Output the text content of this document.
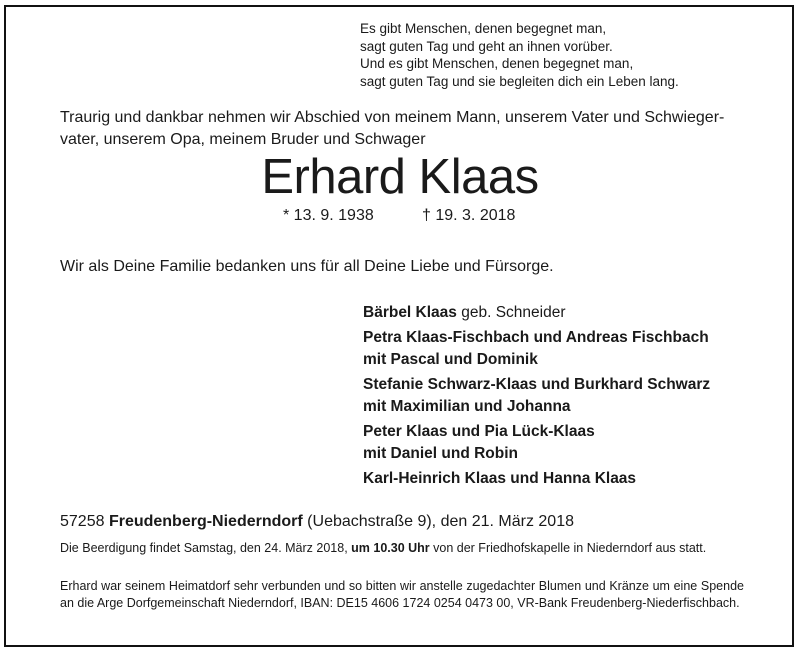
Es gibt Menschen, denen begegnet man,
sagt guten Tag und geht an ihnen vorüber.
Und es gibt Menschen, denen begegnet man,
sagt guten Tag und sie begleiten dich ein Leben lang.
Traurig und dankbar nehmen wir Abschied von meinem Mann, unserem Vater und Schwieger-
vater, unserem Opa, meinem Bruder und Schwager
Erhard Klaas
* 13. 9. 1938	† 19. 3. 2018
Wir als Deine Familie bedanken uns für all Deine Liebe und Fürsorge.
Bärbel Klaas geb. Schneider
Petra Klaas-Fischbach und Andreas Fischbach
mit Pascal und Dominik
Stefanie Schwarz-Klaas und Burkhard Schwarz
mit Maximilian und Johanna
Peter Klaas und Pia Lück-Klaas
mit Daniel und Robin
Karl-Heinrich Klaas und Hanna Klaas
57258 Freudenberg-Niederndorf (Uebachstraße 9), den 21. März 2018
Die Beerdigung findet Samstag, den 24. März 2018, um 10.30 Uhr von der Friedhofskapelle in Niederndorf aus statt.
Erhard war seinem Heimatdorf sehr verbunden und so bitten wir anstelle zugedachter Blumen und Kränze um eine Spende an die Arge Dorfgemeinschaft Niederndorf, IBAN: DE15 4606 1724 0254 0473 00, VR-Bank Freudenberg-Niederfischbach.
